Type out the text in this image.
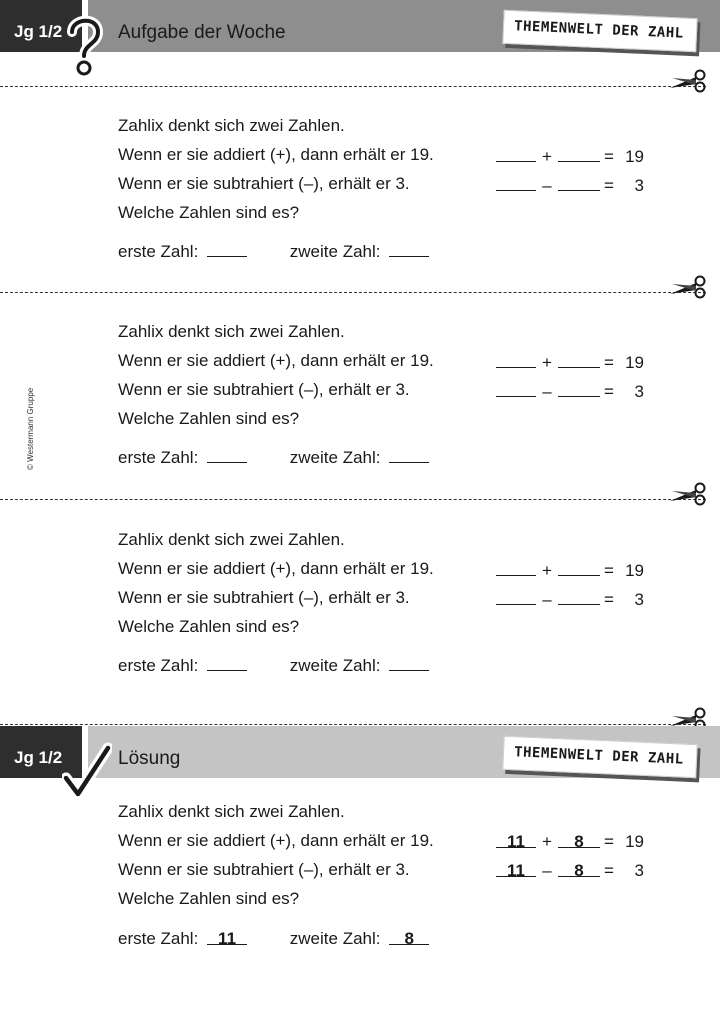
Jg 1/2	Aufgabe der Woche	THEMENWELT DER ZAHL
Zahlix denkt sich zwei Zahlen.
Wenn er sie addiert (+), dann erhält er 19.
Wenn er sie subtrahiert (–), erhält er 3.
Welche Zahlen sind es?
+	= 19
–	= 3
erste Zahl:	zweite Zahl:
Zahlix denkt sich zwei Zahlen.
Wenn er sie addiert (+), dann erhält er 19.
Wenn er sie subtrahiert (–), erhält er 3.
Welche Zahlen sind es?
+	= 19
–	= 3
erste Zahl:	zweite Zahl:
Zahlix denkt sich zwei Zahlen.
Wenn er sie addiert (+), dann erhält er 19.
Wenn er sie subtrahiert (–), erhält er 3.
Welche Zahlen sind es?
+	= 19
–	= 3
erste Zahl:	zweite Zahl:
Jg 1/2	Lösung	THEMENWELT DER ZAHL
Zahlix denkt sich zwei Zahlen.
Wenn er sie addiert (+), dann erhält er 19.
Wenn er sie subtrahiert (–), erhält er 3.
Welche Zahlen sind es?
11 + 8 = 19
11 – 8 = 3
erste Zahl: 11	zweite Zahl: 8
© Westermann Gruppe
